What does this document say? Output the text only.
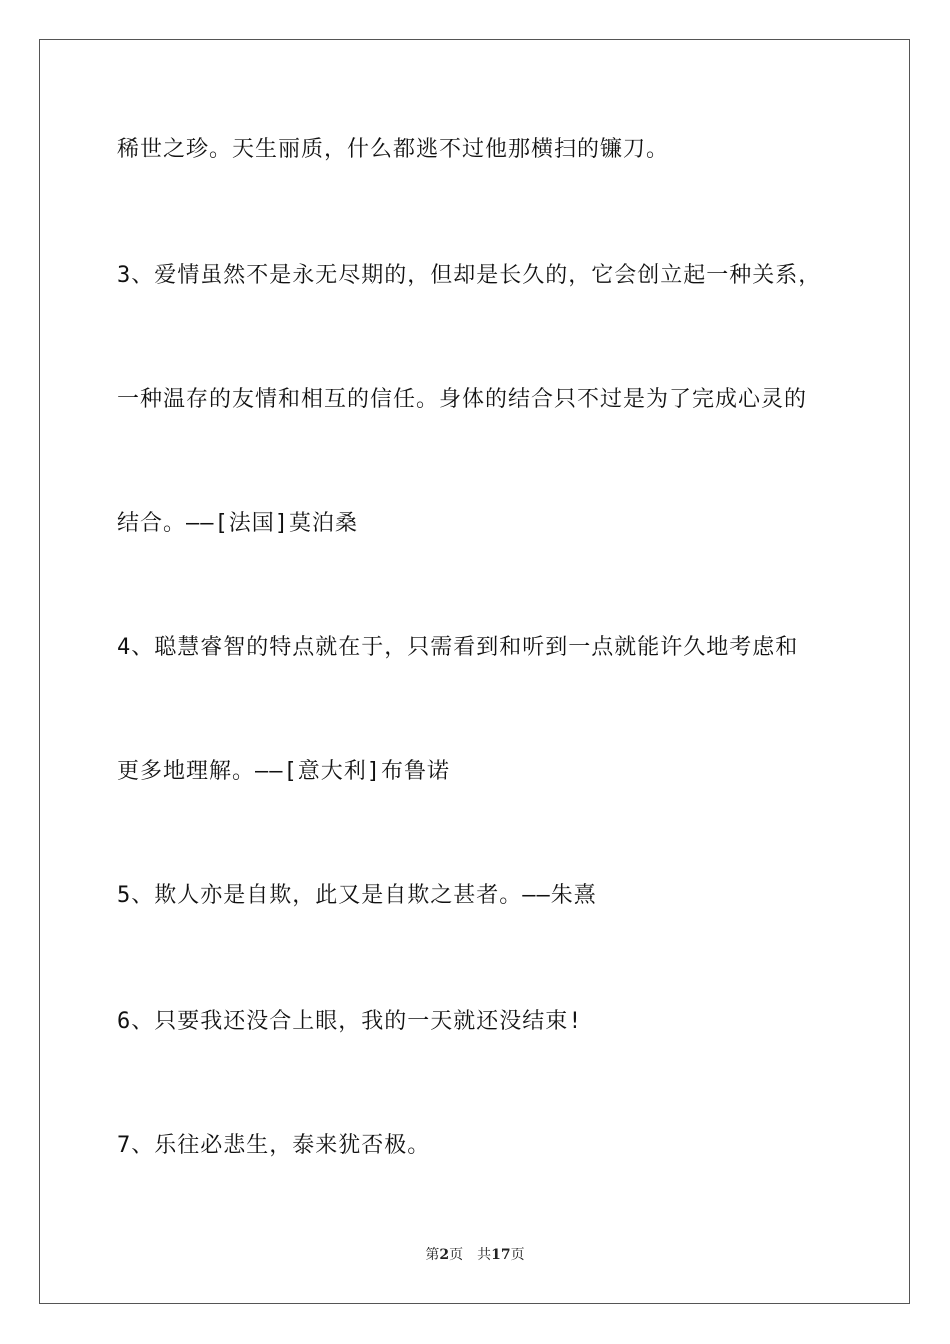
稀世之珍。天生丽质，什么都逃不过他那横扫的镰刀。
3、爱情虽然不是永无尽期的，但却是长久的，它会创立起一种关系，
一种温存的友情和相互的信任。身体的结合只不过是为了完成心灵的
结合。——[法国]莫泊桑
4、聪慧睿智的特点就在于，只需看到和听到一点就能许久地考虑和
更多地理解。——[意大利]布鲁诺
5、欺人亦是自欺，此又是自欺之甚者。——朱熹
6、只要我还没合上眼，我的一天就还没结束!
7、乐往必悲生，泰来犹否极。
第2页 共17页
